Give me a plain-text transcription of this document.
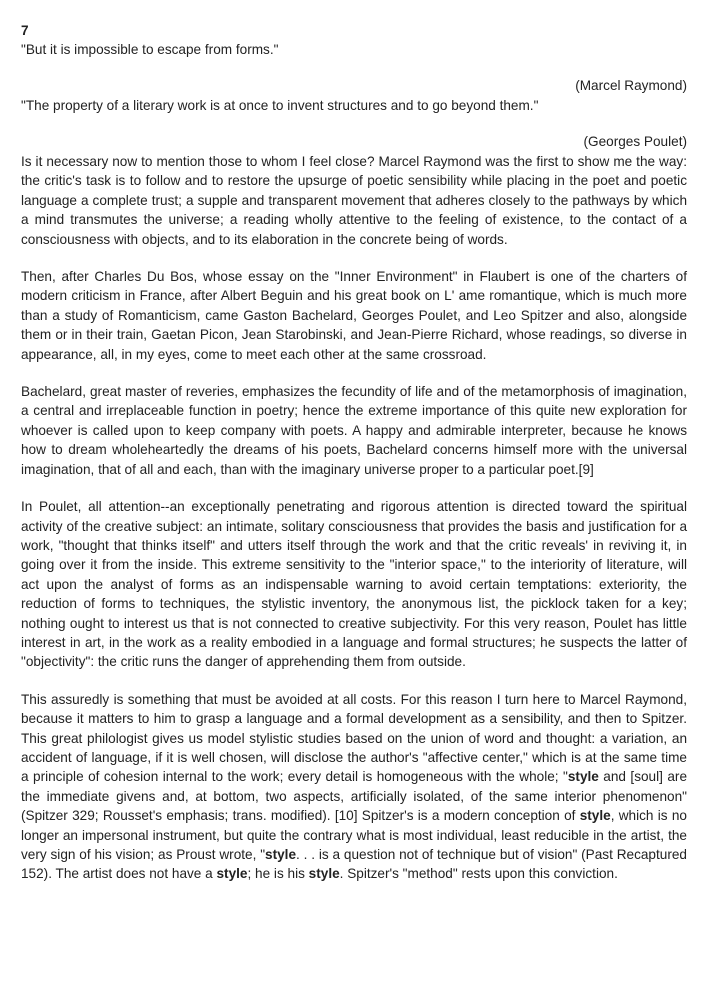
7
"But it is impossible to escape from forms."
(Marcel Raymond)
"The property of a literary work is at once to invent structures and to go beyond them."
(Georges Poulet)

Is it necessary now to mention those to whom I feel close? Marcel Raymond was the first to show me the way: the critic's task is to follow and to restore the upsurge of poetic sensibility while placing in the poet and poetic language a complete trust; a supple and transparent movement that adheres closely to the pathways by which a mind transmutes the universe; a reading wholly attentive to the feeling of existence, to the contact of a consciousness with objects, and to its elaboration in the concrete being of words.

Then, after Charles Du Bos, whose essay on the "Inner Environment" in Flaubert is one of the charters of modern criticism in France, after Albert Beguin and his great book on L' ame romantique, which is much more than a study of Romanticism, came Gaston Bachelard, Georges Poulet, and Leo Spitzer and also, alongside them or in their train, Gaetan Picon, Jean Starobinski, and Jean-Pierre Richard, whose readings, so diverse in appearance, all, in my eyes, come to meet each other at the same crossroad.

Bachelard, great master of reveries, emphasizes the fecundity of life and of the metamorphosis of imagination, a central and irreplaceable function in poetry; hence the extreme importance of this quite new exploration for whoever is called upon to keep company with poets. A happy and admirable interpreter, because he knows how to dream wholeheartedly the dreams of his poets, Bachelard concerns himself more with the universal imagination, that of all and each, than with the imaginary universe proper to a particular poet.[9]

In Poulet, all attention--an exceptionally penetrating and rigorous attention is directed toward the spiritual activity of the creative subject: an intimate, solitary consciousness that provides the basis and justification for a work, "thought that thinks itself" and utters itself through the work and that the critic reveals' in reviving it, in going over it from the inside. This extreme sensitivity to the "interior space," to the interiority of literature, will act upon the analyst of forms as an indispensable warning to avoid certain temptations: exteriority, the reduction of forms to techniques, the stylistic inventory, the anonymous list, the picklock taken for a key; nothing ought to interest us that is not connected to creative subjectivity. For this very reason, Poulet has little interest in art, in the work as a reality embodied in a language and formal structures; he suspects the latter of "objectivity": the critic runs the danger of apprehending them from outside.

This assuredly is something that must be avoided at all costs. For this reason I turn here to Marcel Raymond, because it matters to him to grasp a language and a formal development as a sensibility, and then to Spitzer. This great philologist gives us model stylistic studies based on the union of word and thought: a variation, an accident of language, if it is well chosen, will disclose the author's "affective center," which is at the same time a principle of cohesion internal to the work; every detail is homogeneous with the whole; "style and [soul] are the immediate givens and, at bottom, two aspects, artificially isolated, of the same interior phenomenon" (Spitzer 329; Rousset's emphasis; trans. modified). [10] Spitzer's is a modern conception of style, which is no longer an impersonal instrument, but quite the contrary what is most individual, least reducible in the artist, the very sign of his vision; as Proust wrote, "style. . . is a question not of technique but of vision" (Past Recaptured 152). The artist does not have a style; he is his style. Spitzer's "method" rests upon this conviction.
